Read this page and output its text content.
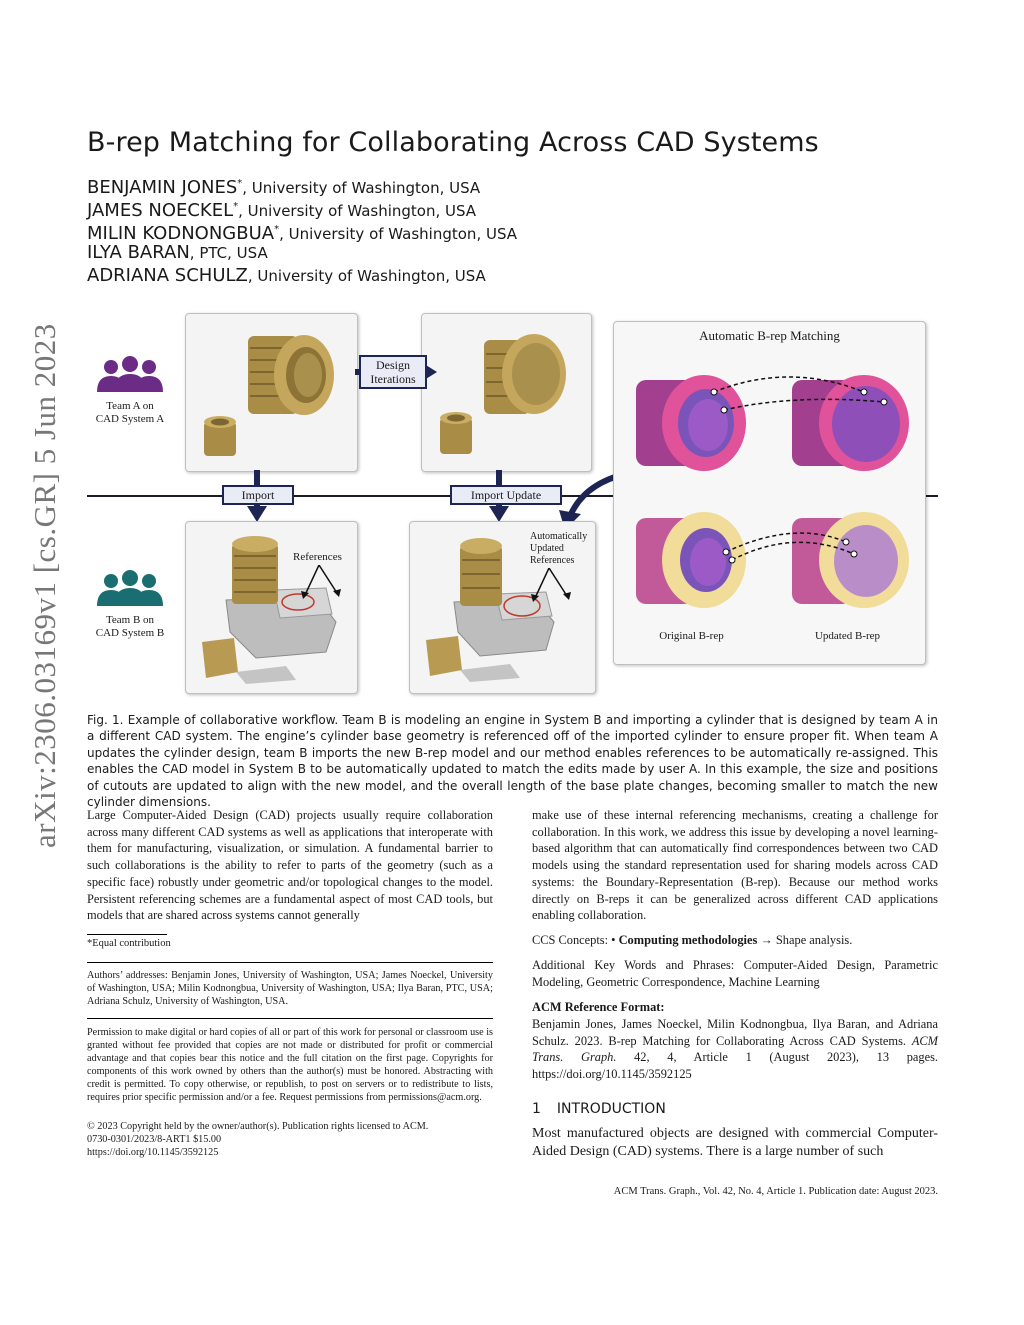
B-rep Matching for Collaborating Across CAD Systems
BENJAMIN JONES*, University of Washington, USA
JAMES NOECKEL*, University of Washington, USA
MILIN KODNONGBUA*, University of Washington, USA
ILYA BARAN, PTC, USA
ADRIANA SCHULZ, University of Washington, USA
arXiv:2306.03169v1 [cs.GR] 5 Jun 2023	Team A on
CAD System A
Team B on
CAD System B
Design
Iterations
Import	Import Update
References
Automatically
Updated
References
Automatic B-rep Matching
Original B-rep	Updated B-rep
Fig. 1. Example of collaborative workflow. Team B is modeling an engine in System B and importing a cylinder that is designed by team A in a different CAD system. The engine’s cylinder base geometry is referenced off of the imported cylinder to ensure proper fit. When team A updates the cylinder design, team B imports the new B-rep model and our method enables references to be automatically re-assigned. This enables the CAD model in System B to be automatically updated to match the edits made by user A. In this example, the size and positions of cutouts are updated to align with the new model, and the overall length of the base plate changes, becoming smaller to match the new cylinder dimensions.
Large Computer-Aided Design (CAD) projects usually require collaboration across many different CAD systems as well as applications that interoperate with them for manufacturing, visualization, or simulation. A fundamental barrier to such collaborations is the ability to refer to parts of the geometry (such as a specific face) robustly under geometric and/or topological changes to the model. Persistent referencing schemes are a fundamental aspect of most CAD tools, but models that are shared across systems cannot generally
*Equal contribution
Authors’ addresses: Benjamin Jones, University of Washington, USA; James Noeckel, University of Washington, USA; Milin Kodnongbua, University of Washington, USA; Ilya Baran, PTC, USA; Adriana Schulz, University of Washington, USA.
Permission to make digital or hard copies of all or part of this work for personal or classroom use is granted without fee provided that copies are not made or distributed for profit or commercial advantage and that copies bear this notice and the full citation on the first page. Copyrights for components of this work owned by others than the author(s) must be honored. Abstracting with credit is permitted. To copy otherwise, or republish, to post on servers or to redistribute to lists, requires prior specific permission and/or a fee. Request permissions from permissions@acm.org.
© 2023 Copyright held by the owner/author(s). Publication rights licensed to ACM.
0730-0301/2023/8-ART1 $15.00
https://doi.org/10.1145/3592125
make use of these internal referencing mechanisms, creating a challenge for collaboration. In this work, we address this issue by developing a novel learning-based algorithm that can automatically find correspondences between two CAD models using the standard representation used for sharing models across CAD systems: the Boundary-Representation (B-rep). Because our method works directly on B-reps it can be generalized across different CAD applications enabling collaboration.
CCS Concepts: • Computing methodologies → Shape analysis.
Additional Key Words and Phrases: Computer-Aided Design, Parametric Modeling, Geometric Correspondence, Machine Learning
ACM Reference Format:
Benjamin Jones, James Noeckel, Milin Kodnongbua, Ilya Baran, and Adriana Schulz. 2023. B-rep Matching for Collaborating Across CAD Systems. ACM Trans. Graph. 42, 4, Article 1 (August 2023), 13 pages. https://doi.org/10.1145/3592125
1 INTRODUCTION
Most manufactured objects are designed with commercial Computer-Aided Design (CAD) systems. There is a large number of such
ACM Trans. Graph., Vol. 42, No. 4, Article 1. Publication date: August 2023.
